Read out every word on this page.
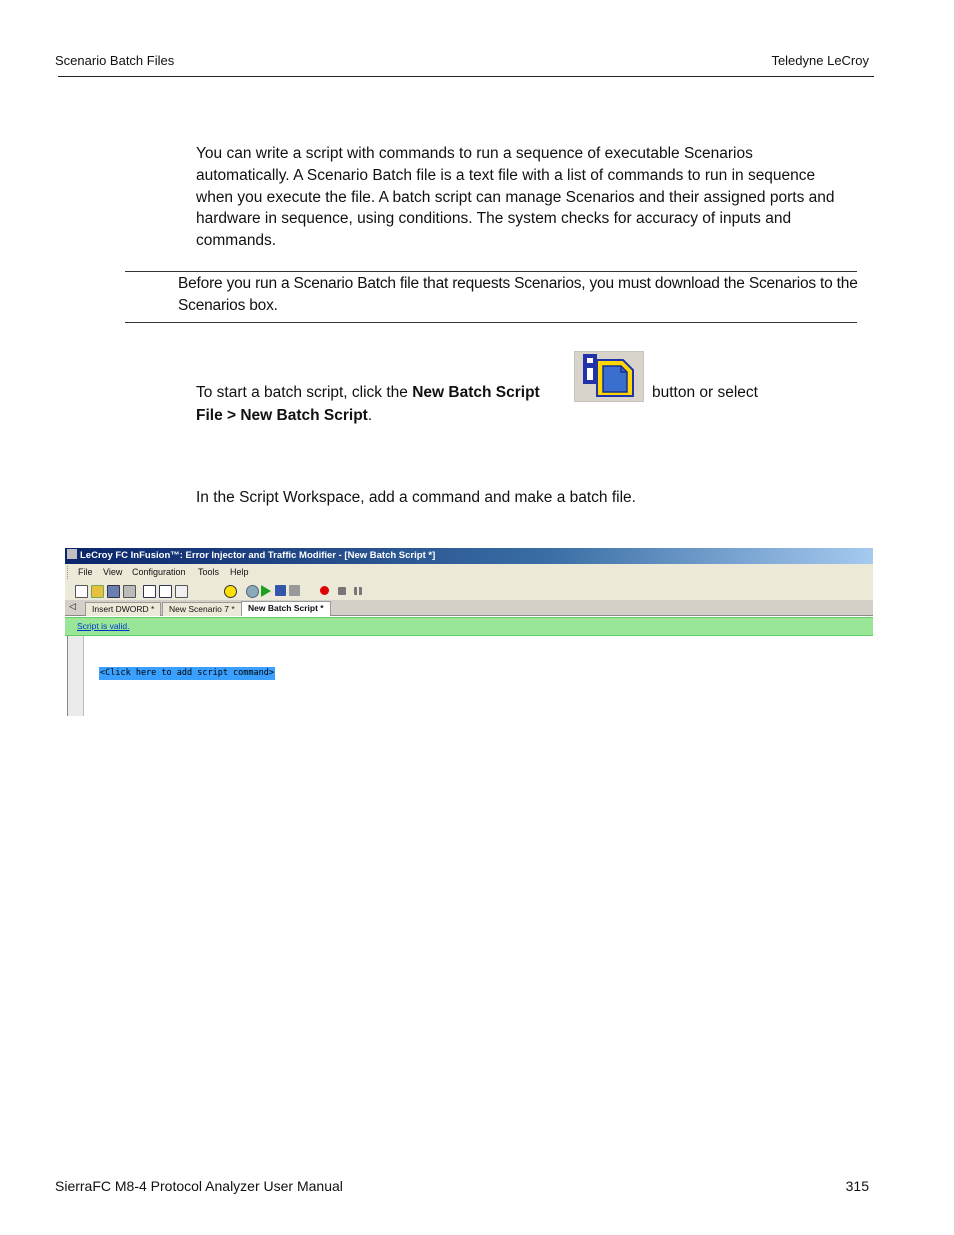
Scenario Batch Files	Teledyne LeCroy
You can write a script with commands to run a sequence of executable Scenarios automatically. A Scenario Batch file is a text file with a list of commands to run in sequence when you execute the file. A batch script can manage Scenarios and their assigned ports and hardware in sequence, using conditions. The system checks for accuracy of inputs and commands.
Before you run a Scenario Batch file that requests Scenarios, you must download the Scenarios to the Scenarios box.
To start a batch script, click the New Batch Script
File > New Batch Script.
button or select
In the Script Workspace, add a command and make a batch file.
LeCroy FC InFusion™: Error Injector and Traffic Modifier - [New Batch Script *]
File View Configuration Tools Help
◁	Insert DWORD *	New Scenario 7 *	New Batch Script *
Script is valid.
<Click here to add script command>
SierraFC M8-4 Protocol Analyzer User Manual	315
